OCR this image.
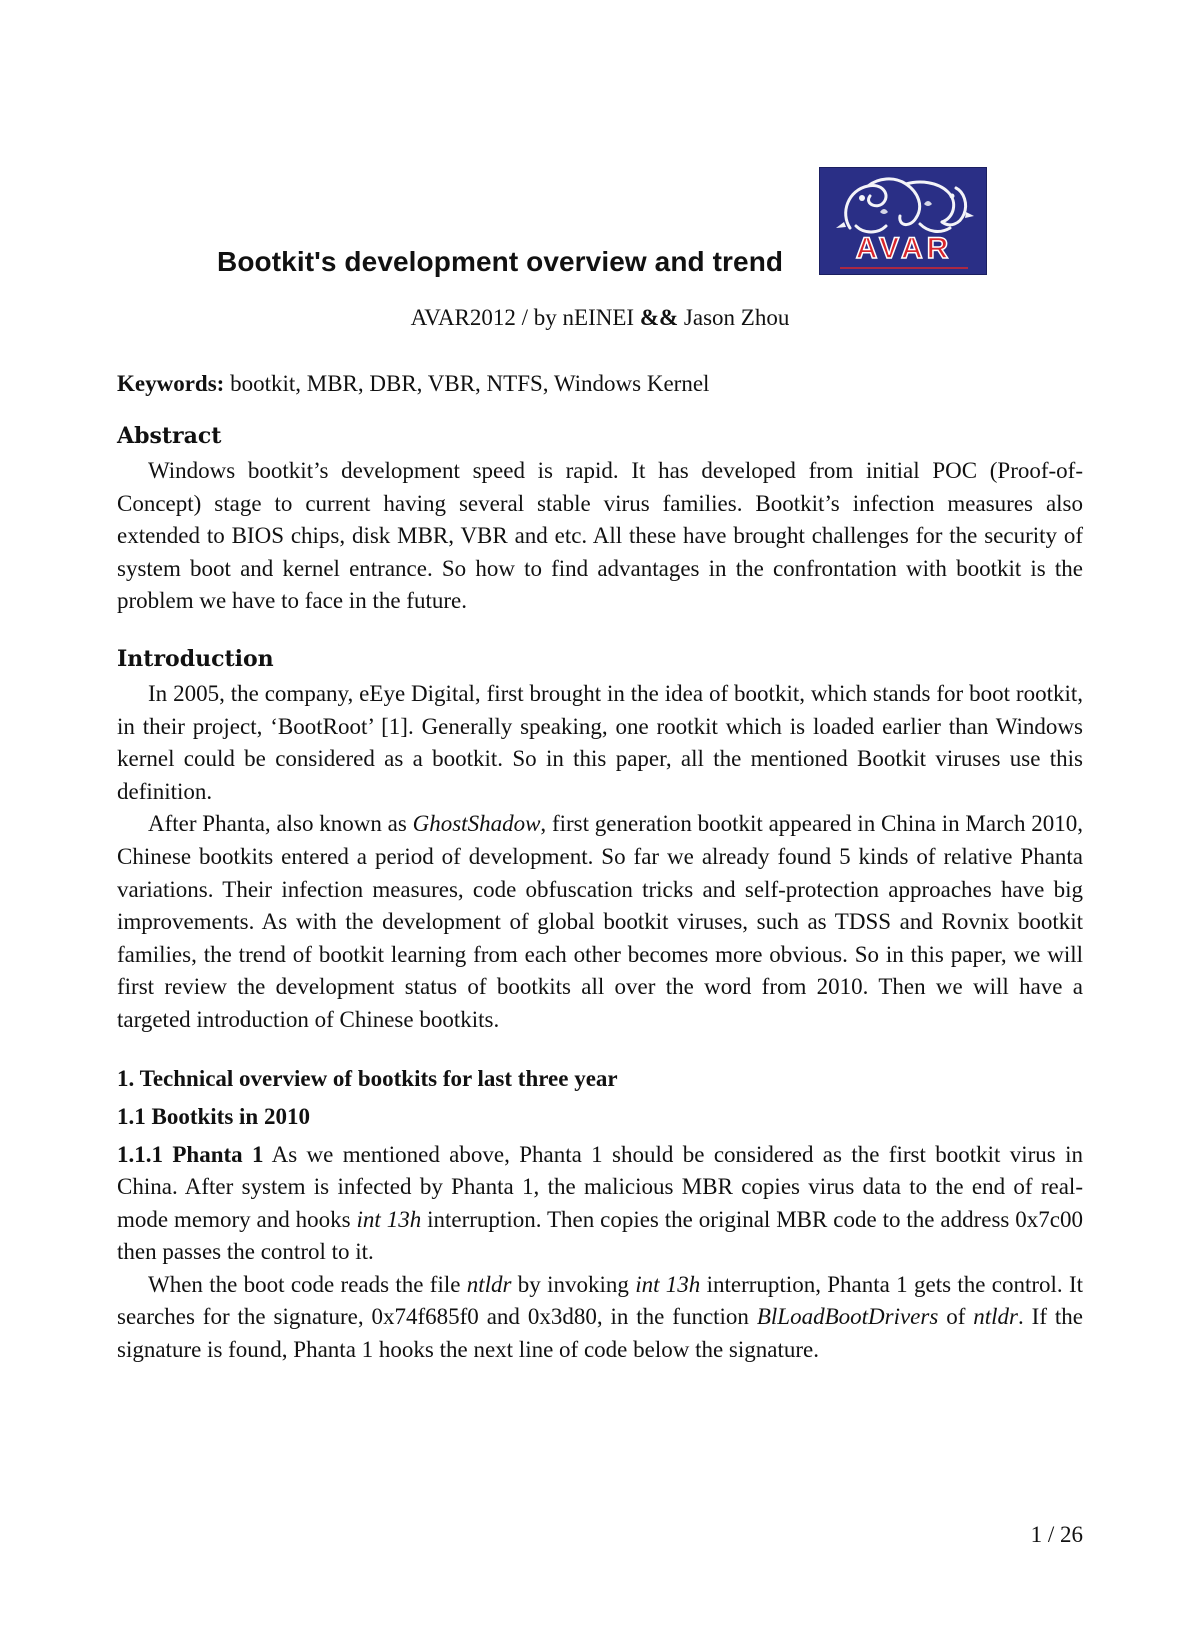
AVAR
Bootkit's development overview and trend
AVAR2012 / by nEINEI && Jason Zhou
Keywords: bootkit, MBR, DBR, VBR, NTFS, Windows Kernel
Abstract

Windows bootkit’s development speed is rapid. It has developed from initial POC (Proof-of-Concept) stage to current having several stable virus families. Bootkit’s infection measures also extended to BIOS chips, disk MBR, VBR and etc. All these have brought challenges for the security of system boot and kernel entrance. So how to find advantages in the confrontation with bootkit is the problem we have to face in the future.

Introduction

In 2005, the company, eEye Digital, first brought in the idea of bootkit, which stands for boot rootkit, in their project, ‘BootRoot’ [1]. Generally speaking, one rootkit which is loaded earlier than Windows kernel could be considered as a bootkit. So in this paper, all the mentioned Bootkit viruses use this definition.

After Phanta, also known as GhostShadow, first generation bootkit appeared in China in March 2010, Chinese bootkits entered a period of development. So far we already found 5 kinds of relative Phanta variations. Their infection measures, code obfuscation tricks and self-protection approaches have big improvements. As with the development of global bootkit viruses, such as TDSS and Rovnix bootkit families, the trend of bootkit learning from each other becomes more obvious. So in this paper, we will first review the development status of bootkits all over the word from 2010. Then we will have a targeted introduction of Chinese bootkits.

1. Technical overview of bootkits for last three year
1.1 Bootkits in 2010

1.1.1 Phanta 1 As we mentioned above, Phanta 1 should be considered as the first bootkit virus in China. After system is infected by Phanta 1, the malicious MBR copies virus data to the end of real-mode memory and hooks int 13h interruption. Then copies the original MBR code to the address 0x7c00 then passes the control to it.

When the boot code reads the file ntldr by invoking int 13h interruption, Phanta 1 gets the control. It searches for the signature, 0x74f685f0 and 0x3d80, in the function BlLoadBootDrivers of ntldr. If the signature is found, Phanta 1 hooks the next line of code below the signature.

1 / 26
